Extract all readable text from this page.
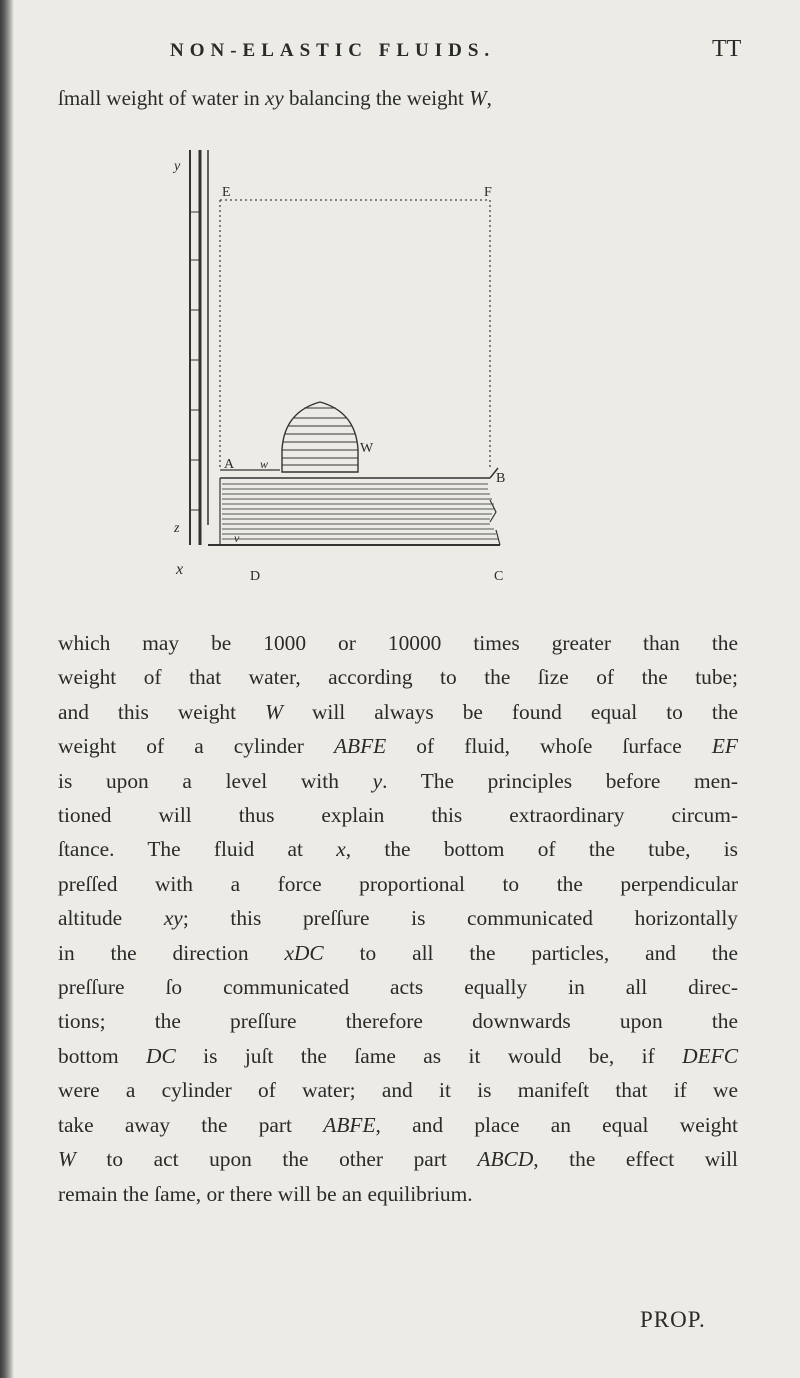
NON-ELASTIC FLUIDS.	TT
ſmall weight of water in xy balancing the weight W,
y
z
x
E	F
A
B
D	C
W
w
v

which may be 1000 or 10000 times greater than the

weight of that water, according to the ſize of the tube;

and this weight W will always be found equal to the

weight of a cylinder ABFE of fluid, whoſe ſurface EF

is upon a level with y. The principles before men-

tioned will thus explain this extraordinary circum-

ſtance. The fluid at x, the bottom of the tube, is

preſſed with a force proportional to the perpendicular

altitude xy; this preſſure is communicated horizontally

in the direction xDC to all the particles, and the

preſſure ſo communicated acts equally in all direc-

tions; the preſſure therefore downwards upon the

bottom DC is juſt the ſame as it would be, if DEFC

were a cylinder of water; and it is manifeſt that if we

take away the part ABFE, and place an equal weight

W to act upon the other part ABCD, the effect will

remain the ſame, or there will be an equilibrium.

PROP.
